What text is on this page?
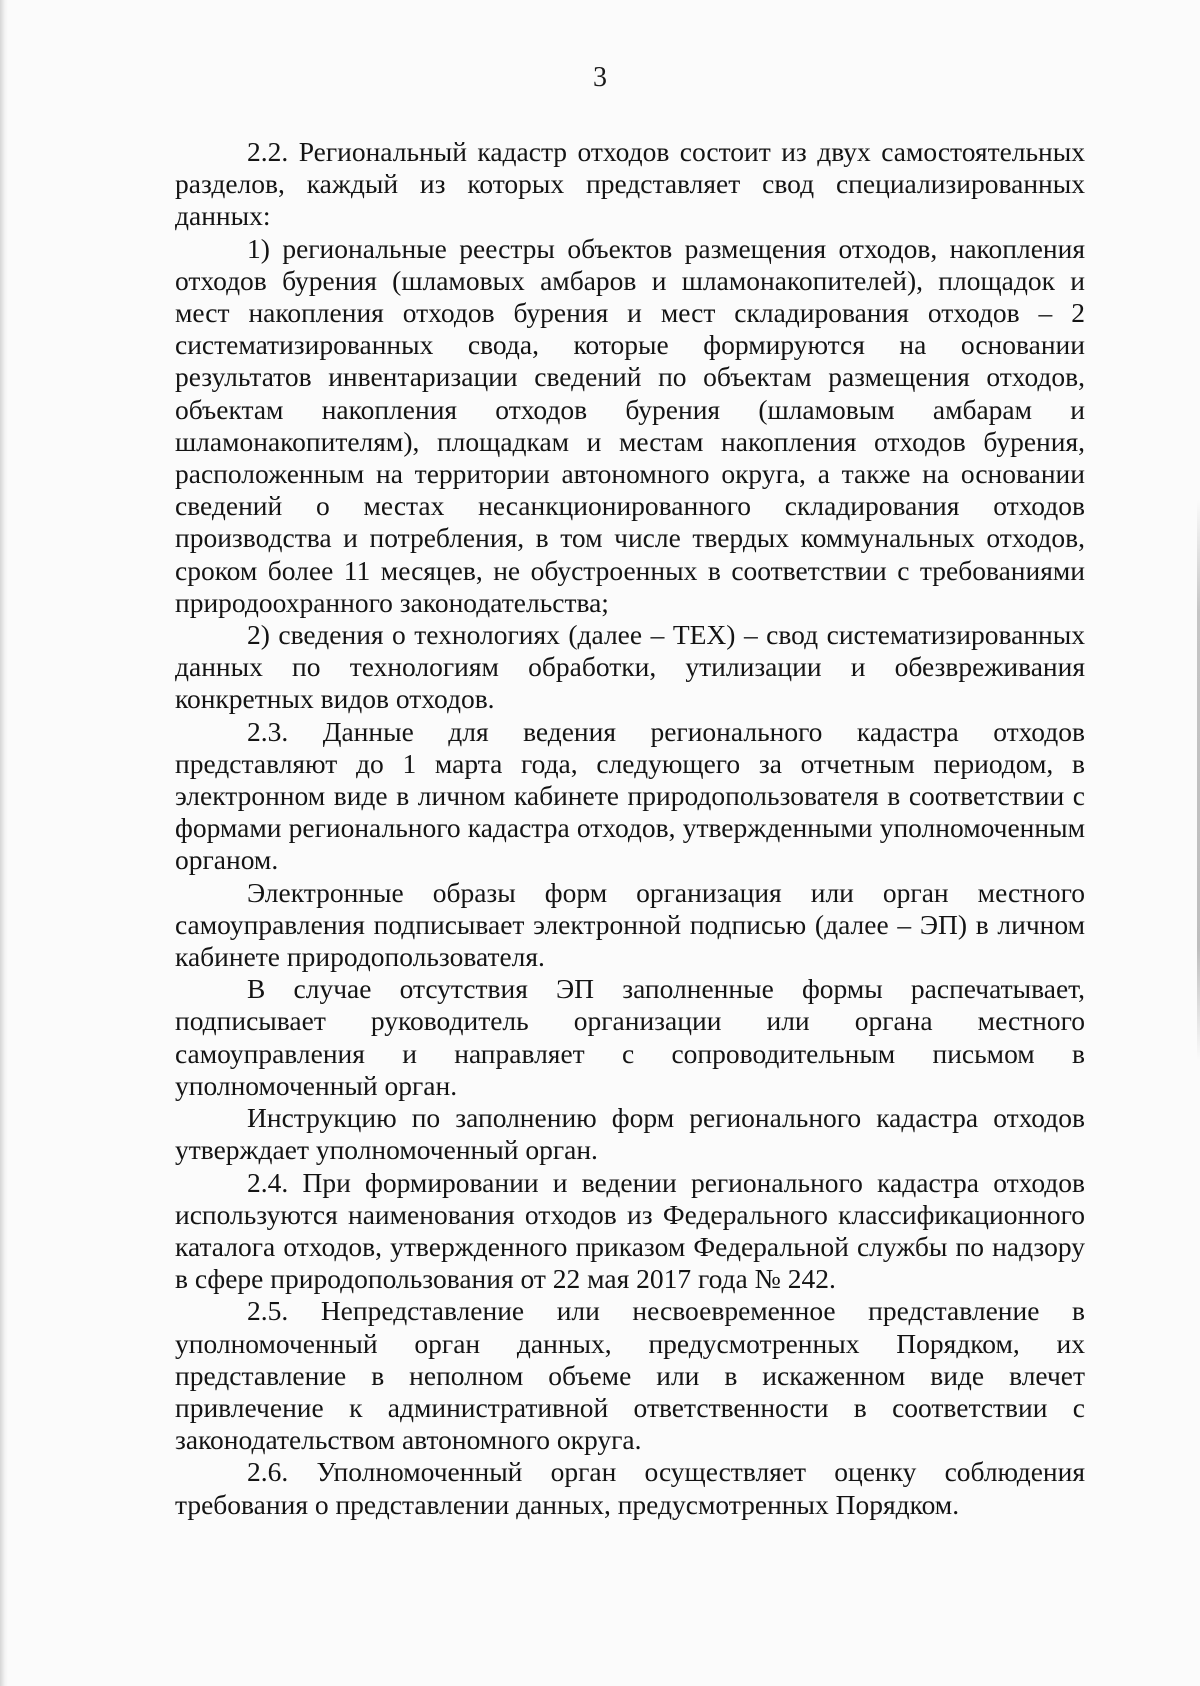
3

2.2. Региональный кадастр отходов состоит из двух самостоятельных разделов, каждый из которых представляет свод специализированных данных:

1) региональные реестры объектов размещения отходов, накопления отходов бурения (шламовых амбаров и шламонакопителей), площадок и мест накопления отходов бурения и мест складирования отходов – 2 систематизированных свода, которые формируются на основании результатов инвентаризации сведений по объектам размещения отходов, объектам накопления отходов бурения (шламовым амбарам и шламонакопителям), площадкам и местам накопления отходов бурения, расположенным на территории автономного округа, а также на основании сведений о местах несанкционированного складирования отходов производства и потребления, в том числе твердых коммунальных отходов, сроком более 11 месяцев, не обустроенных в соответствии с требованиями природоохранного законодательства;

2) сведения о технологиях (далее – ТЕХ) – свод систематизированных данных по технологиям обработки, утилизации и обезвреживания конкретных видов отходов.

2.3. Данные для ведения регионального кадастра отходов представляют до 1 марта года, следующего за отчетным периодом, в электронном виде в личном кабинете природопользователя в соответствии с формами регионального кадастра отходов, утвержденными уполномоченным органом.

Электронные образы форм организация или орган местного самоуправления подписывает электронной подписью (далее – ЭП) в личном кабинете природопользователя.

В случае отсутствия ЭП заполненные формы распечатывает, подписывает руководитель организации или органа местного самоуправления и направляет с сопроводительным письмом в уполномоченный орган.

Инструкцию по заполнению форм регионального кадастра отходов утверждает уполномоченный орган.

2.4. При формировании и ведении регионального кадастра отходов используются наименования отходов из Федерального классификационного каталога отходов, утвержденного приказом Федеральной службы по надзору в сфере природопользования от 22 мая 2017 года № 242.

2.5. Непредставление или несвоевременное представление в уполномоченный орган данных, предусмотренных Порядком, их представление в неполном объеме или в искаженном виде влечет привлечение к административной ответственности в соответствии с законодательством автономного округа.

2.6. Уполномоченный орган осуществляет оценку соблюдения требования о представлении данных, предусмотренных Порядком.
